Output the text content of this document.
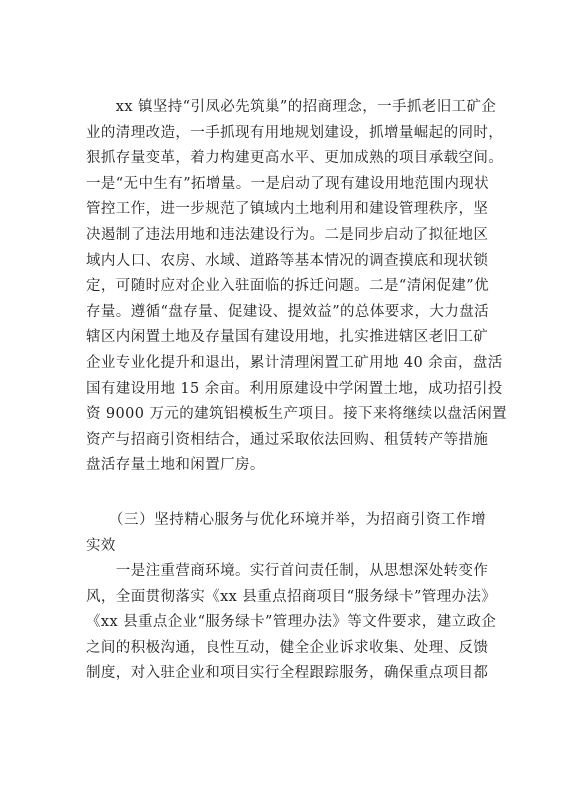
　　xx 镇坚持“引凤必先筑巢”的招商理念，一手抓老旧工矿企
业的清理改造，一手抓现有用地规划建设，抓增量崛起的同时，
狠抓存量变革，着力构建更高水平、更加成熟的项目承载空间。
一是“无中生有”拓增量。一是启动了现有建设用地范围内现状
管控工作，进一步规范了镇域内土地利用和建设管理秩序，坚
决遏制了违法用地和违法建设行为。二是同步启动了拟征地区
域内人口、农房、水域、道路等基本情况的调查摸底和现状锁
定，可随时应对企业入驻面临的拆迁问题。二是“清闲促建”优
存量。遵循“盘存量、促建设、提效益”的总体要求，大力盘活
辖区内闲置土地及存量国有建设用地，扎实推进辖区老旧工矿
企业专业化提升和退出，累计清理闲置工矿用地 40 余亩，盘活
国有建设用地 15 余亩。利用原建设中学闲置土地，成功招引投
资 9000 万元的建筑铝模板生产项目。接下来将继续以盘活闲置
资产与招商引资相结合，通过采取依法回购、租赁转产等措施
盘活存量土地和闲置厂房。
　　（三）坚持精心服务与优化环境并举，为招商引资工作增
实效
　　一是注重营商环境。实行首问责任制，从思想深处转变作
风，全面贯彻落实《xx 县重点招商项目“服务绿卡”管理办法》
《xx 县重点企业“服务绿卡”管理办法》等文件要求，建立政企
之间的积极沟通，良性互动，健全企业诉求收集、处理、反馈
制度，对入驻企业和项目实行全程跟踪服务，确保重点项目都
